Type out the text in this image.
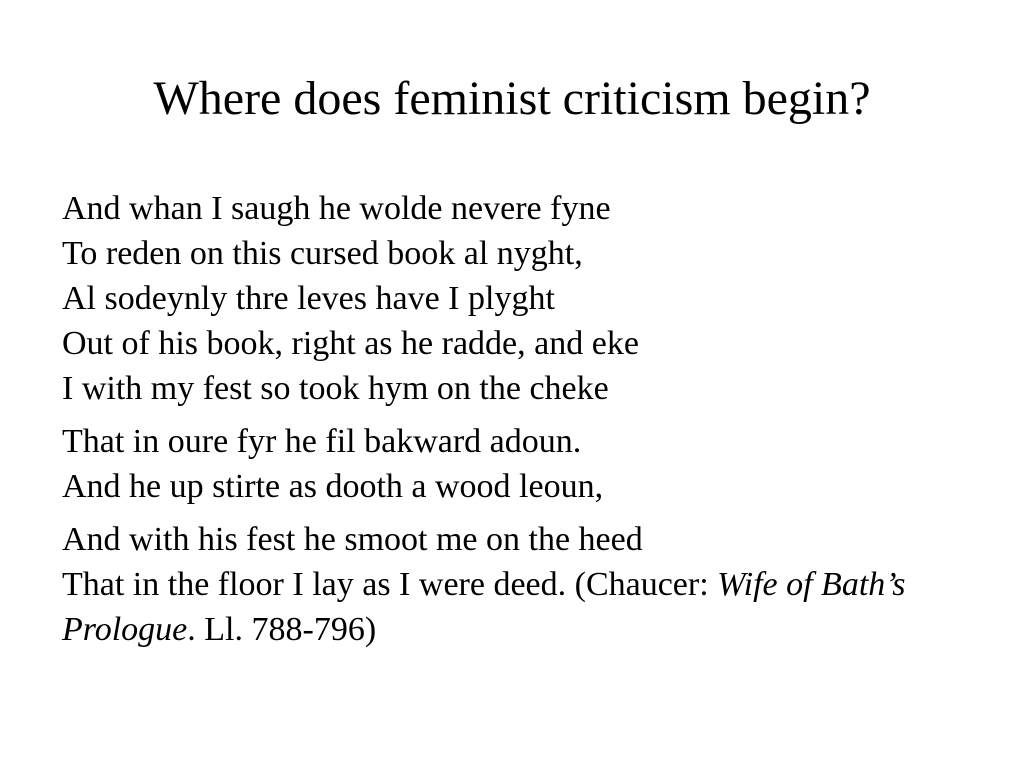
Where does feminist criticism begin?
And whan I saugh he wolde nevere fyne
To reden on this cursed book al nyght,
Al sodeynly thre leves have I plyght
Out of his book, right as he radde, and eke
I with my fest so took hym on the cheke
That in oure fyr he fil bakward adoun.
And he up stirte as dooth a wood leoun,
And with his fest he smoot me on the heed
That in the floor I lay as I were deed. (Chaucer: Wife of Bath’s Prologue. Ll. 788-796)
